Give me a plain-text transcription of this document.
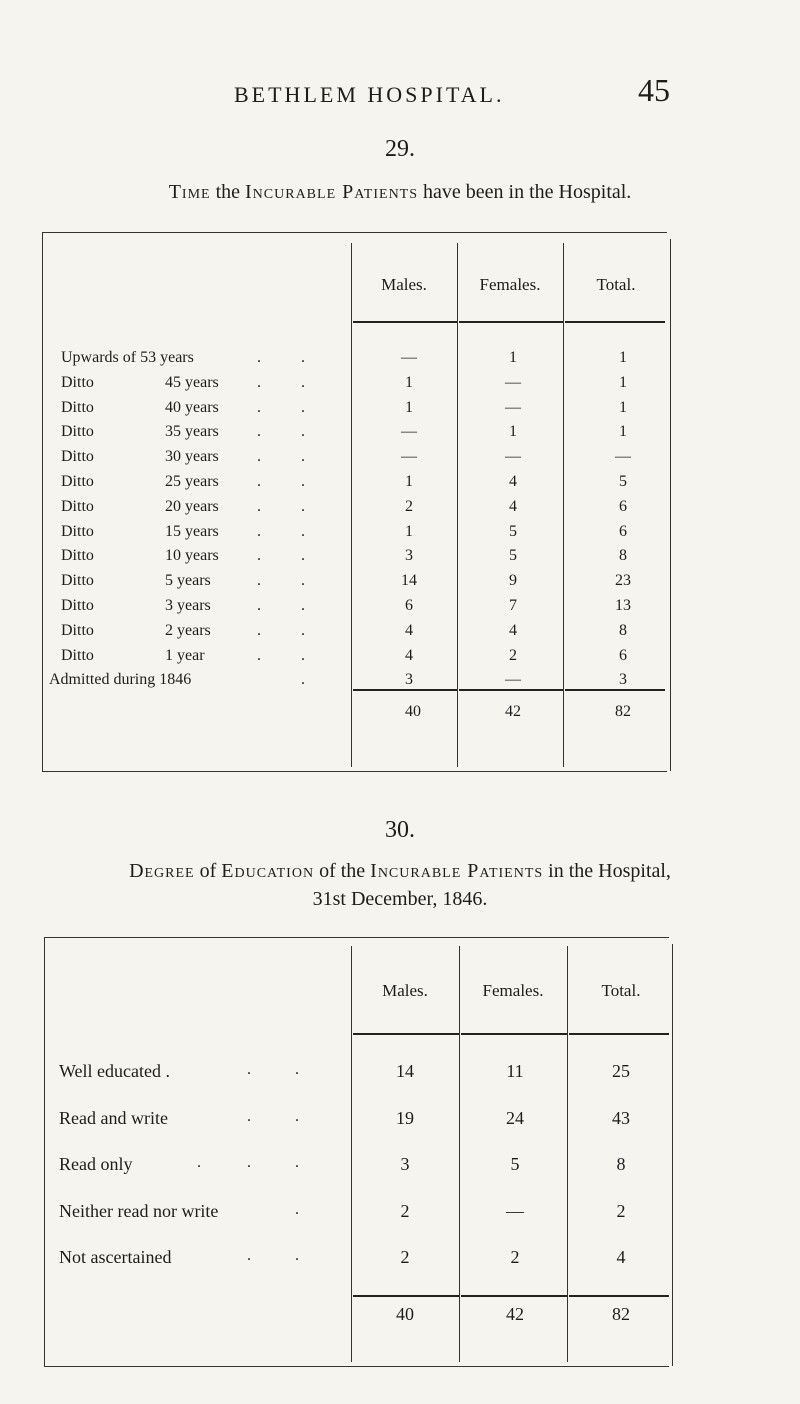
BETHLEM HOSPITAL.	45
29.
Time the Incurable Patients have been in the Hospital.
Males.	Females.	Total.
Upwards of 53 years	.	.	—	1	1
Ditto	45 years .	.	1	—	1
Ditto	40 years .	.	1	—	1
Ditto	35 years .	.	—	1	1
Ditto	30 years .	.	—	—	—
Ditto	25 years .	.	1	4	5
Ditto	20 years .	.	2	4	6
Ditto	15 years .	.	1	5	6
Ditto	10 years .	.	3	5	8
Ditto	5 years	.	.	14	9	23
Ditto	3 years	.	.	6	7	13
Ditto	2 years	.	.	4	4	8
Ditto	1 year	.	.	4	2	6
Admitted during 1846	.	3	—	3
40	42	82
30.
Degree of Education of the Incurable Patients in the Hospital,
31st December, 1846.
Males.	Females.	Total.
Well educated .	.	.	14	11	25
Read and write	.	.	19	24	43
Read only	.	.	.	3	5	8
Neither read nor write	.	2	—	2
Not ascertained	.	.	2	2	4
40	42	82
